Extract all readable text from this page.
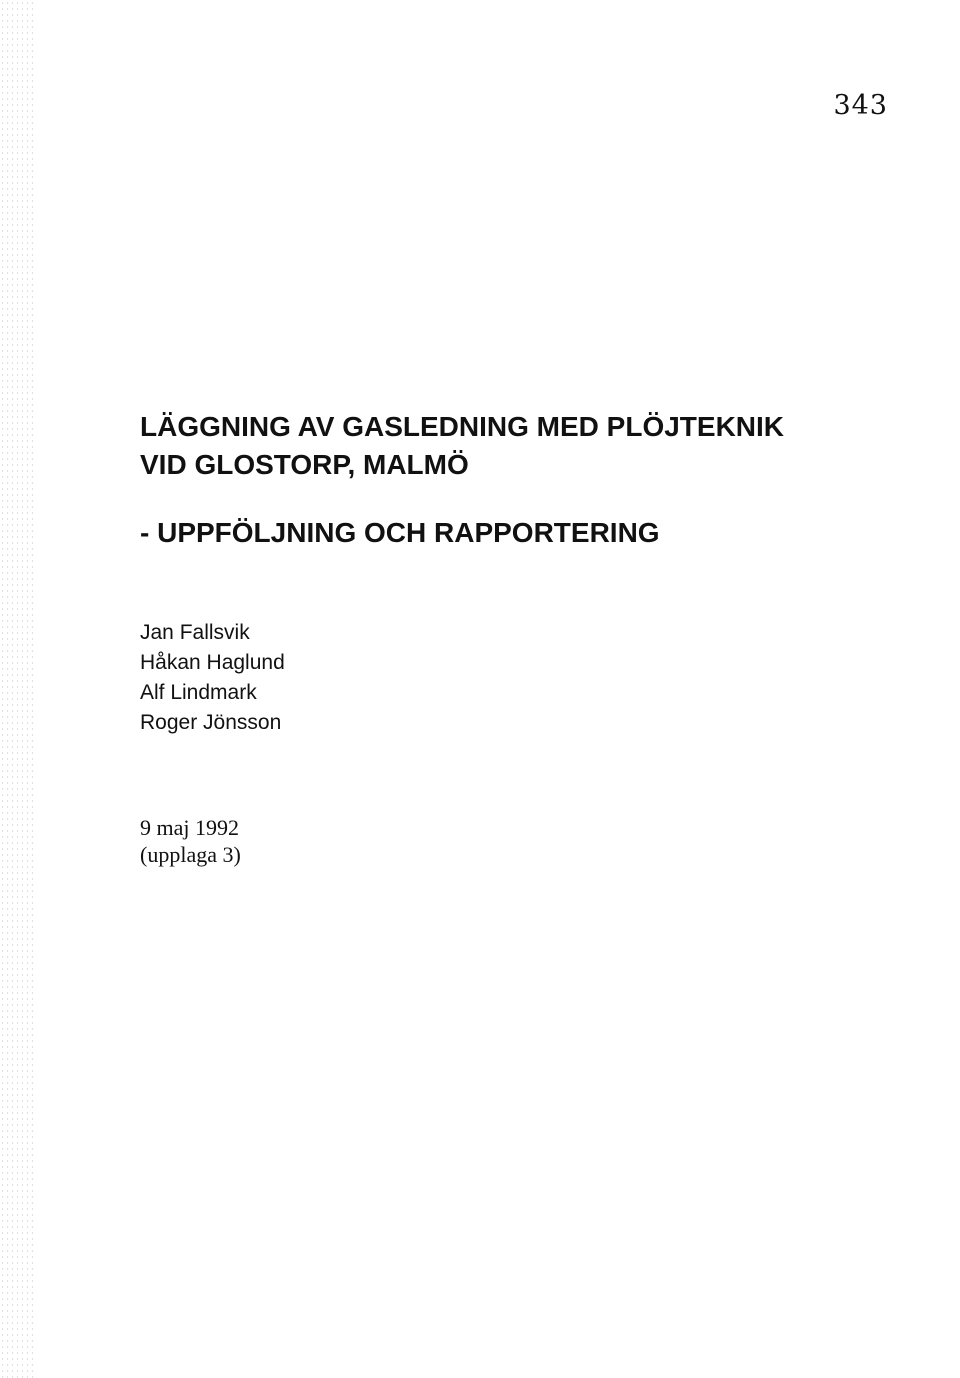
343
LÄGGNING AV GASLEDNING MED PLÖJTEKNIK
VID GLOSTORP, MALMÖ
- UPPFÖLJNING OCH RAPPORTERING
Jan Fallsvik
Håkan Haglund
Alf Lindmark
Roger Jönsson
9 maj 1992
(upplaga 3)
